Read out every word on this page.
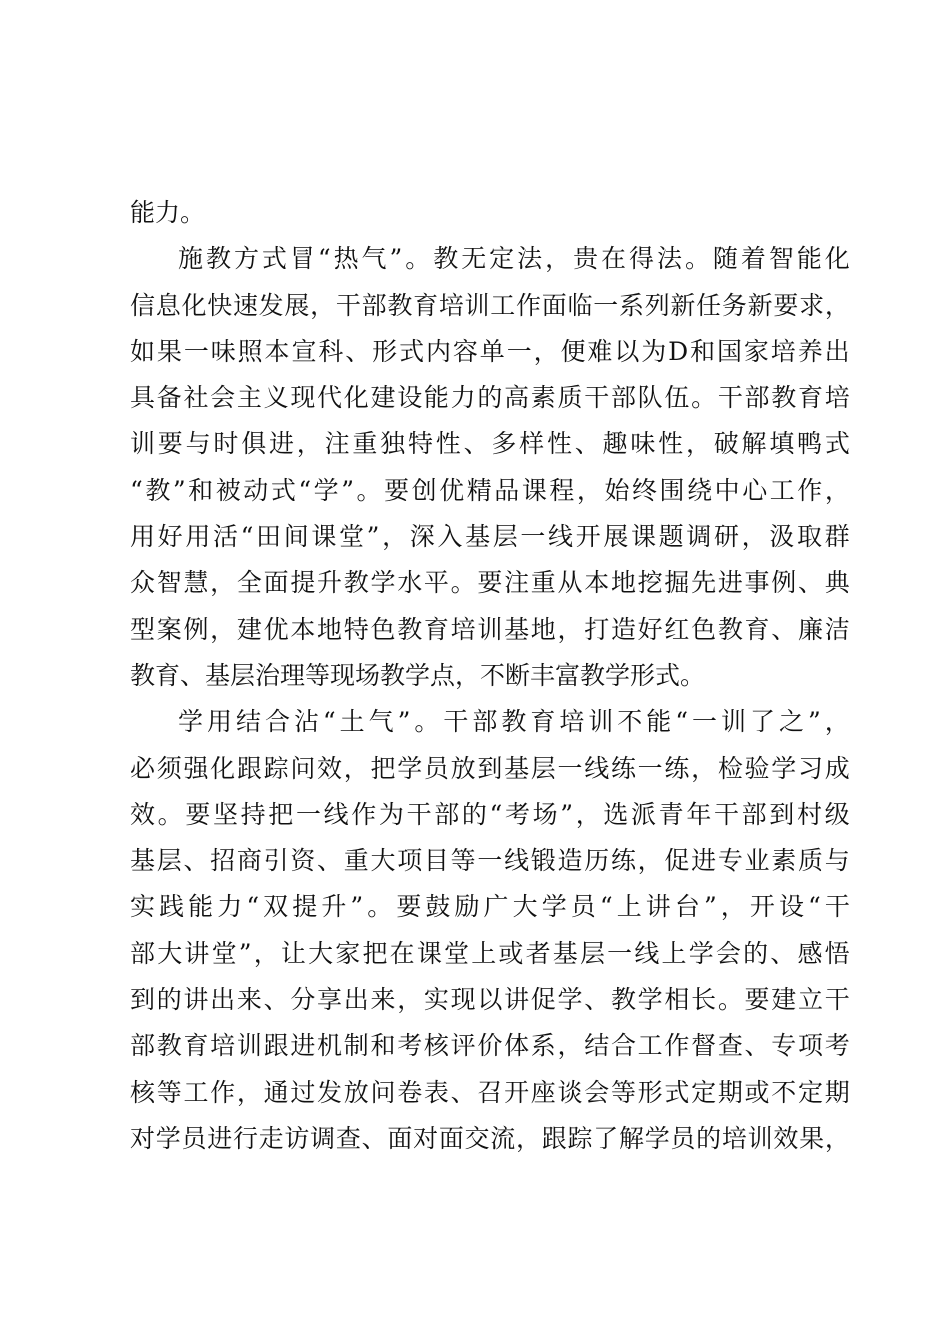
能力。
施 教 方 式 冒 “ 热 气 ” 。 教 无 定 法 ， 贵 在 得 法 。 随 着 智 能 化
信 息 化 快 速 发 展 ， 干 部 教 育 培 训 工 作 面 临 一 系 列 新 任 务 新 要 求 ，
如 果 一 味 照 本 宣 科 、 形 式 内 容 单 一 ， 便 难 以 为 D 和 国 家 培 养 出
具 备 社 会 主 义 现 代 化 建 设 能 力 的 高 素 质 干 部 队 伍 。 干 部 教 育 培
训 要 与 时 俱 进 ， 注 重 独 特 性 、 多 样 性 、 趣 味 性 ， 破 解 填 鸭 式
“ 教 ” 和 被 动 式 “ 学 ” 。 要 创 优 精 品 课 程 ， 始 终 围 绕 中 心 工 作 ，
用 好 用 活 “ 田 间 课 堂 ” ， 深 入 基 层 一 线 开 展 课 题 调 研 ， 汲 取 群
众 智 慧 ， 全 面 提 升 教 学 水 平 。 要 注 重 从 本 地 挖 掘 先 进 事 例 、 典
型 案 例 ， 建 优 本 地 特 色 教 育 培 训 基 地 ， 打 造 好 红 色 教 育 、 廉 洁
教育、基层治理等现场教学点，不断丰富教学形式。
学 用 结 合 沾 “ 土 气 ” 。 干 部 教 育 培 训 不 能 “ 一 训 了 之 ” ，
必 须 强 化 跟 踪 问 效 ， 把 学 员 放 到 基 层 一 线 练 一 练 ， 检 验 学 习 成
效 。 要 坚 持 把 一 线 作 为 干 部 的 “ 考 场 ” ， 选 派 青 年 干 部 到 村 级
基 层 、 招 商 引 资 、 重 大 项 目 等 一 线 锻 造 历 练 ， 促 进 专 业 素 质 与
实 践 能 力 “ 双 提 升 ” 。 要 鼓 励 广 大 学 员 “ 上 讲 台 ” ， 开 设 “ 干
部 大 讲 堂 ” ， 让 大 家 把 在 课 堂 上 或 者 基 层 一 线 上 学 会 的 、 感 悟
到 的 讲 出 来 、 分 享 出 来 ， 实 现 以 讲 促 学 、 教 学 相 长 。 要 建 立 干
部 教 育 培 训 跟 进 机 制 和 考 核 评 价 体 系 ， 结 合 工 作 督 查 、 专 项 考
核 等 工 作 ， 通 过 发 放 问 卷 表 、 召 开 座 谈 会 等 形 式 定 期 或 不 定 期
对 学 员 进 行 走 访 调 查 、 面 对 面 交 流 ， 跟 踪 了 解 学 员 的 培 训 效 果 ，
